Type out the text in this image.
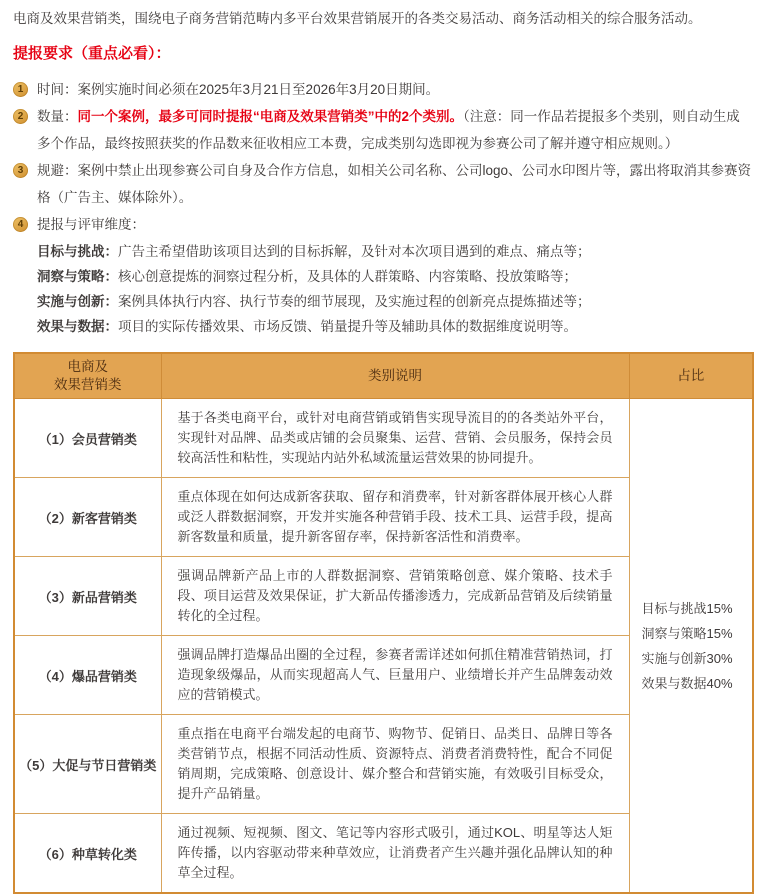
电商及效果营销类，围绕电子商务营销范畴内多平台效果营销展开的各类交易活动、商务活动相关的综合服务活动。

提报要求（重点必看）：
1	时间：案例实施时间必须在2025年3月21日至2026年3月20日期间。
2	数量：同一个案例，最多可同时提报“电商及效果营销类”中的2个类别。（注意：同一作品若提报多个类别，则自动生成多个作品，最终按照获奖的作品数来征收相应工本费，完成类别勾选即视为参赛公司了解并遵守相应规则。）
3	规避：案例中禁止出现参赛公司自身及合作方信息，如相关公司名称、公司logo、公司水印图片等，露出将取消其参赛资格（广告主、媒体除外）。
4	提报与评审维度：
目标与挑战：广告主希望借助该项目达到的目标拆解，及针对本次项目遇到的难点、痛点等；
洞察与策略：核心创意提炼的洞察过程分析，及具体的人群策略、内容策略、投放策略等；
实施与创新：案例具体执行内容、执行节奏的细节展现，及实施过程的创新亮点提炼描述等；
效果与数据：项目的实际传播效果、市场反馈、销量提升等及辅助具体的数据维度说明等。
电商及
效果营销类	类别说明	占比
（1）会员营销类	基于各类电商平台，或针对电商营销或销售实现导流目的的各类站外平台，实现针对品牌、品类或店铺的会员聚集、运营、营销、会员服务，保持会员较高活性和粘性，实现站内站外私域流量运营效果的协同提升。	目标与挑战15%
洞察与策略15%
实施与创新30%
效果与数据40%

（2）新客营销类	重点体现在如何达成新客获取、留存和消费率，针对新客群体展开核心人群或泛人群数据洞察，开发并实施各种营销手段、技术工具、运营手段，提高新客数量和质量，提升新客留存率，保持新客活性和消费率。	
（3）新品营销类	强调品牌新产品上市的人群数据洞察、营销策略创意、媒介策略、技术手段、项目运营及效果保证，扩大新品传播渗透力，完成新品营销及后续销量转化的全过程。	
（4）爆品营销类	强调品牌打造爆品出圈的全过程，参赛者需详述如何抓住精准营销热词，打造现象级爆品，从而实现超高人气、巨量用户、业绩增长并产生品牌轰动效应的营销模式。	
（5）大促与节日营销类	重点指在电商平台端发起的电商节、购物节、促销日、品类日、品牌日等各类营销节点，根据不同活动性质、资源特点、消费者消费特性，配合不同促销周期，完成策略、创意设计、媒介整合和营销实施，有效吸引目标受众，提升产品销量。	
（6）种草转化类	通过视频、短视频、图文、笔记等内容形式吸引，通过KOL、明星等达人矩阵传播，以内容驱动带来种草效应，让消费者产生兴趣并强化品牌认知的种草全过程。	
